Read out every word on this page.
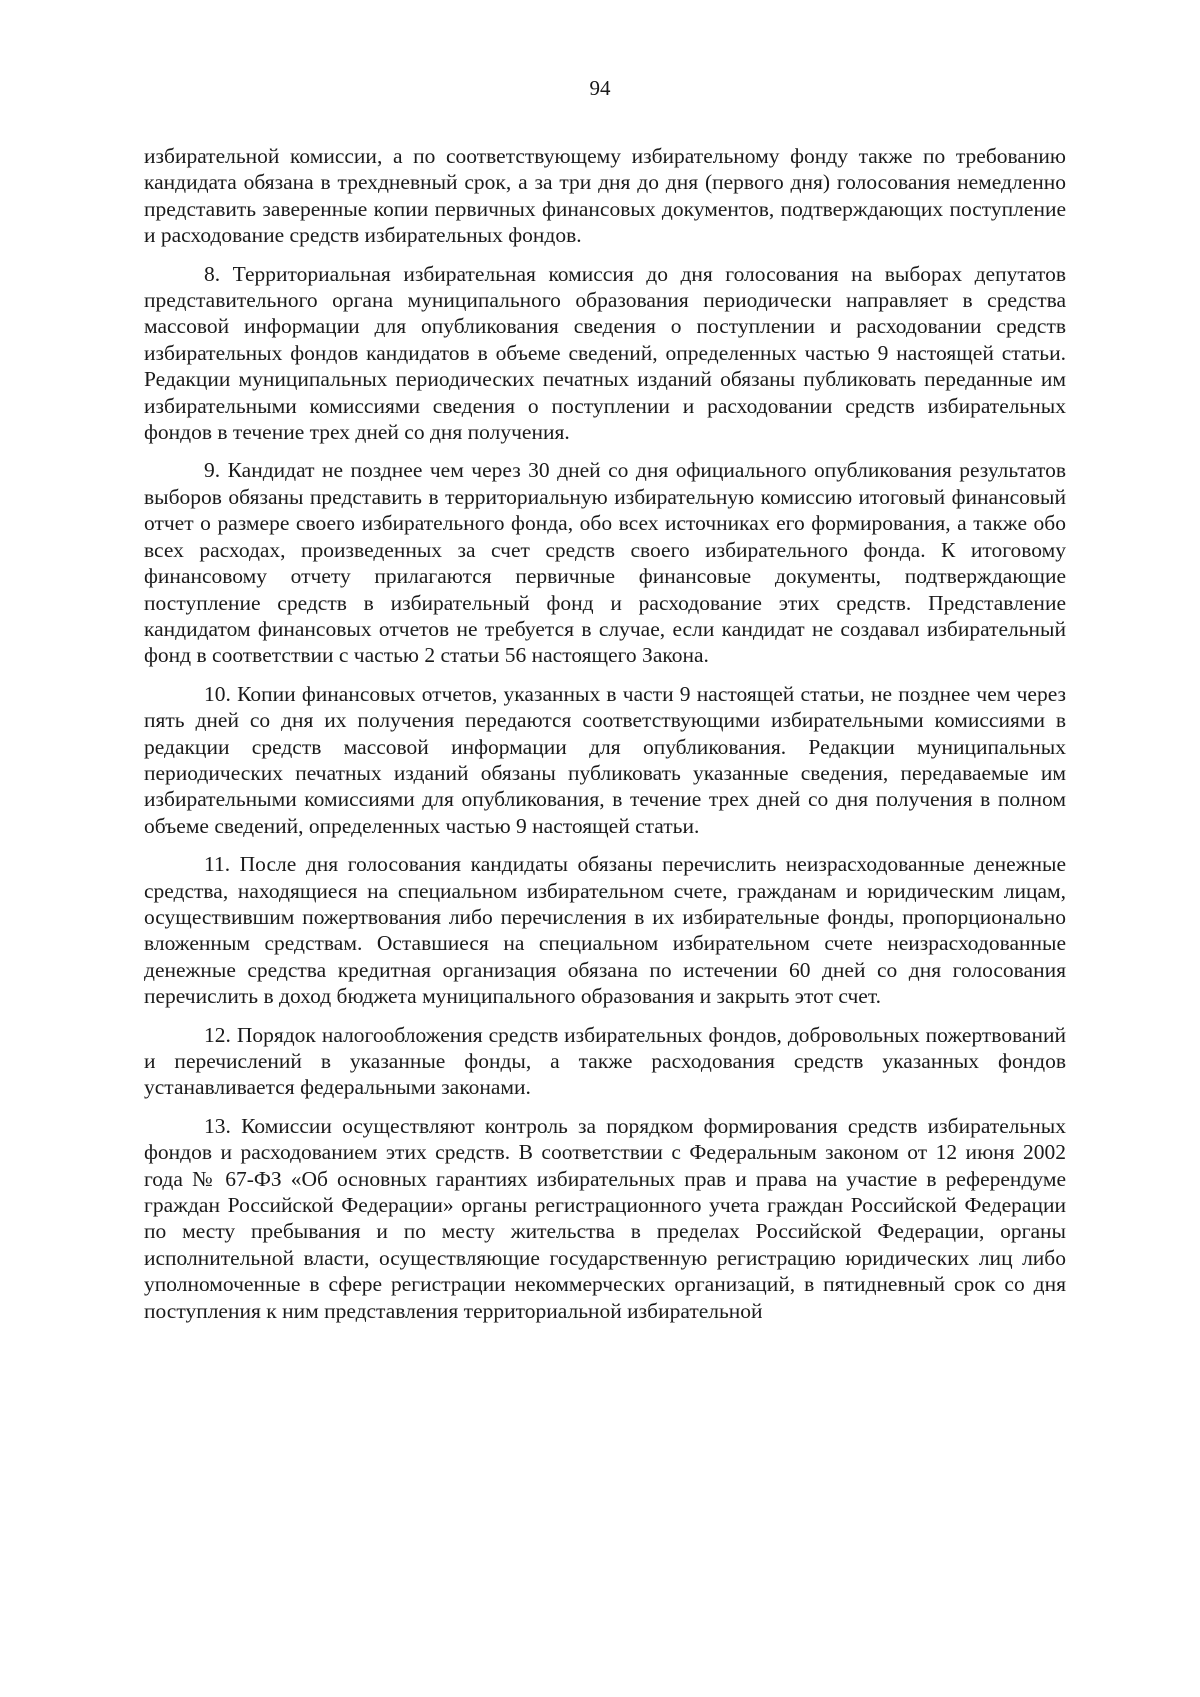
94

избирательной комиссии, а по соответствующему избирательному фонду также по требованию кандидата обязана в трехдневный срок, а за три дня до дня (первого дня) голосования немедленно представить заверенные копии первичных финансовых документов, подтверждающих поступление и расходование средств избирательных фондов.

8. Территориальная избирательная комиссия до дня голосования на выборах депутатов представительного органа муниципального образования периодически направляет в средства массовой информации для опубликования сведения о поступлении и расходовании средств избирательных фондов кандидатов в объеме сведений, определенных частью 9 настоящей статьи. Редакции муниципальных периодических печатных изданий обязаны публиковать переданные им избирательными комиссиями сведения о поступлении и расходовании средств избирательных фондов в течение трех дней со дня получения.

9. Кандидат не позднее чем через 30 дней со дня официального опубликования результатов выборов обязаны представить в территориальную избирательную комиссию итоговый финансовый отчет о размере своего избирательного фонда, обо всех источниках его формирования, а также обо всех расходах, произведенных за счет средств своего избирательного фонда. К итоговому финансовому отчету прилагаются первичные финансовые документы, подтверждающие поступление средств в избирательный фонд и расходование этих средств. Представление кандидатом финансовых отчетов не требуется в случае, если кандидат не создавал избирательный фонд в соответствии с частью 2 статьи 56 настоящего Закона.

10. Копии финансовых отчетов, указанных в части 9 настоящей статьи, не позднее чем через пять дней со дня их получения передаются соответствующими избирательными комиссиями в редакции средств массовой информации для опубликования. Редакции муниципальных периодических печатных изданий обязаны публиковать указанные сведения, передаваемые им избирательными комиссиями для опубликования, в течение трех дней со дня получения в полном объеме сведений, определенных частью 9 настоящей статьи.

11. После дня голосования кандидаты обязаны перечислить неизрасходованные денежные средства, находящиеся на специальном избирательном счете, гражданам и юридическим лицам, осуществившим пожертвования либо перечисления в их избирательные фонды, пропорционально вложенным средствам. Оставшиеся на специальном избирательном счете неизрасходованные денежные средства кредитная организация обязана по истечении 60 дней со дня голосования перечислить в доход бюджета муниципального образования и закрыть этот счет.

12. Порядок налогообложения средств избирательных фондов, добровольных пожертвований и перечислений в указанные фонды, а также расходования средств указанных фондов устанавливается федеральными законами.

13. Комиссии осуществляют контроль за порядком формирования средств избирательных фондов и расходованием этих средств. В соответствии с Федеральным законом от 12 июня 2002 года № 67-ФЗ «Об основных гарантиях избирательных прав и права на участие в референдуме граждан Российской Федерации» органы регистрационного учета граждан Российской Федерации по месту пребывания и по месту жительства в пределах Российской Федерации, органы исполнительной власти, осуществляющие государственную регистрацию юридических лиц либо уполномоченные в сфере регистрации некоммерческих организаций, в пятидневный срок со дня поступления к ним представления территориальной избирательной
